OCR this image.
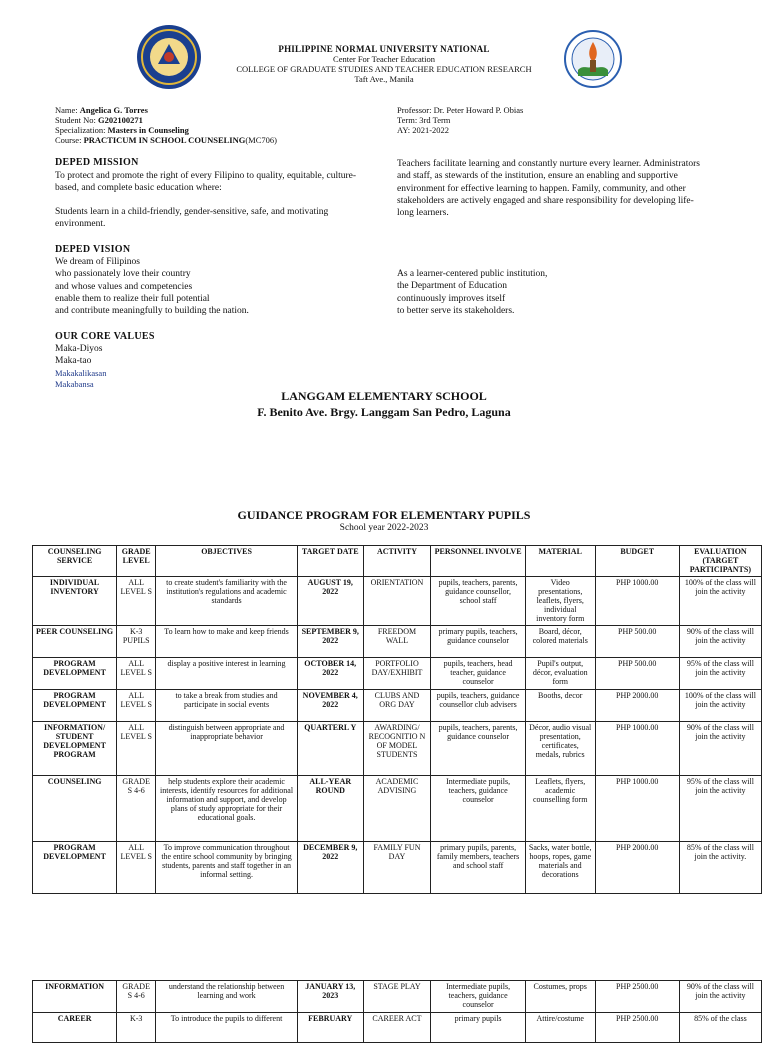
PHILIPPINE NORMAL UNIVERSITY NATIONAL
Center For Teacher Education
COLLEGE OF GRADUATE STUDIES AND TEACHER EDUCATION RESEARCH
Taft Ave., Manila
Name: Angelica G. Torres
Student No: G202100271
Specialization: Masters in Counseling
Course: PRACTICUM IN SCHOOL COUNSELING(MC706)
Professor: Dr. Peter Howard P. Obias
Term: 3rd Term
AY: 2021-2022
DEPED MISSION
To protect and promote the right of every Filipino to quality, equitable, culture-based, and complete basic education where:
Students learn in a child-friendly, gender-sensitive, safe, and motivating environment.
Teachers facilitate learning and constantly nurture every learner. Administrators and staff, as stewards of the institution, ensure an enabling and supportive environment for effective learning to happen. Family, community, and other stakeholders are actively engaged and share responsibility for developing life-long learners.
DEPED VISION
We dream of Filipinos
who passionately love their country
and whose values and competencies
enable them to realize their full potential
and contribute meaningfully to building the nation.
As a learner-centered public institution,
the Department of Education
continuously improves itself
to better serve its stakeholders.
OUR CORE VALUES
Maka-Diyos
Maka-tao
Makakalikasan
Makabansa
LANGGAM ELEMENTARY SCHOOL
F. Benito Ave. Brgy. Langgam San Pedro, Laguna
GUIDANCE PROGRAM FOR ELEMENTARY PUPILS
School year 2022-2023
COUNSELING SERVICE	GRADE LEVEL	OBJECTIVES	TARGET DATE	ACTIVITY	PERSONNEL INVOLVE	MATERIAL	BUDGET	EVALUATION (TARGET PARTICIPANTS)
INDIVIDUAL INVENTORY	ALL LEVEL S	to create student's familiarity with the institution's regulations and academic standards	AUGUST 19, 2022	ORIENTATION	pupils, teachers, parents, guidance counsellor, school staff	Video presentations, leaflets, flyers, individual inventory form	PHP 1000.00	100% of the class will join the activity
PEER COUNSELING	K-3 PUPILS	To learn how to make and keep friends	SEPTEMBER 9, 2022	FREEDOM WALL	primary pupils, teachers, guidance counselor	Board, décor, colored materials	PHP 500.00	90% of the class will join the activity
PROGRAM DEVELOPMENT	ALL LEVEL S	display a positive interest in learning	OCTOBER 14, 2022	PORTFOLIO DAY/EXHIBIT	pupils, teachers, head teacher, guidance counselor	Pupil's output, décor, evaluation form	PHP 500.00	95% of the class will join the activity
PROGRAM DEVELOPMENT	ALL LEVEL S	to take a break from studies and participate in social events	NOVEMBER 4, 2022	CLUBS AND ORG DAY	pupils, teachers, guidance counsellor club advisers	Booths, decor	PHP 2000.00	100% of the class will join the activity
INFORMATION/ STUDENT DEVELOPMENT PROGRAM	ALL LEVEL S	distinguish between appropriate and inappropriate behavior	QUARTERL Y	AWARDING/ RECOGNITIO N OF MODEL STUDENTS	pupils, teachers, parents, guidance counselor	Décor, audio visual presentation, certificates, medals, rubrics	PHP 1000.00	90% of the class will join the activity
COUNSELING	GRADE S 4-6	help students explore their academic interests, identify resources for additional information and support, and develop plans of study appropriate for their educational goals.	ALL-YEAR ROUND	ACADEMIC ADVISING	Intermediate pupils, teachers, guidance counselor	Leaflets, flyers, academic counselling form	PHP 1000.00	95% of the class will join the activity
PROGRAM DEVELOPMENT	ALL LEVEL S	To improve communication throughout the entire school community by bringing students, parents and staff together in an informal setting.	DECEMBER 9, 2022	FAMILY FUN DAY	primary pupils, parents, family members, teachers and school staff	Sacks, water bottle, hoops, ropes, game materials and decorations	PHP 2000.00	85% of the class will join the activity.
INFORMATION	GRADE S 4-6	understand the relationship between learning and work	JANUARY 13, 2023	STAGE PLAY	Intermediate pupils, teachers, guidance counselor	Costumes, props	PHP 2500.00	90% of the class will join the activity
CAREER	K-3	To introduce the pupils to different	FEBRUARY	CAREER ACT	primary pupils	Attire/costume	PHP 2500.00	85% of the class
